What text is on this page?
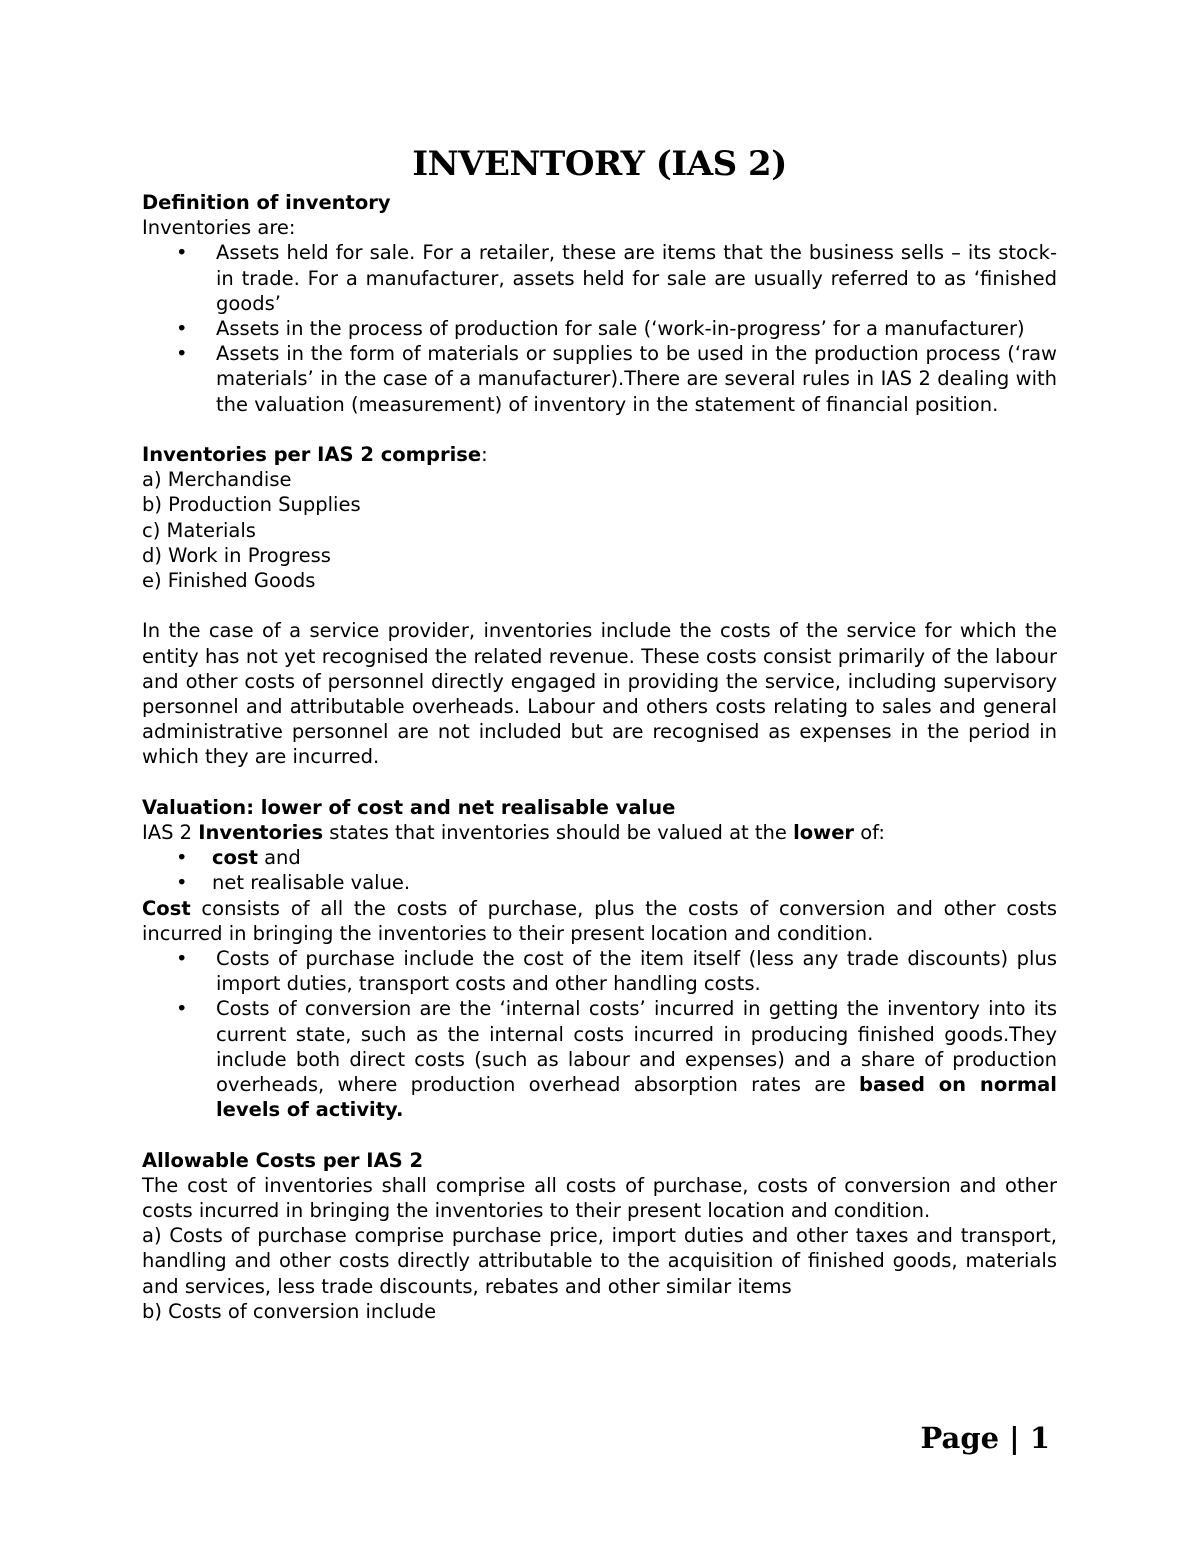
INVENTORY (IAS 2)
Definition of inventory

Inventories are:

• Assets held for sale. For a retailer, these are items that the business sells – its stock-in trade. For a manufacturer, assets held for sale are usually referred to as ‘finished goods’
• Assets in the process of production for sale (‘work-in-progress’ for a manufacturer)
• Assets in the form of materials or supplies to be used in the production process (‘raw materials’ in the case of a manufacturer).There are several rules in IAS 2 dealing with the valuation (measurement) of inventory in the statement of financial position.

Inventories per IAS 2 comprise:

a) Merchandise
b) Production Supplies
c) Materials
d) Work in Progress
e) Finished Goods

In the case of a service provider, inventories include the costs of the service for which the entity has not yet recognised the related revenue. These costs consist primarily of the labour and other costs of personnel directly engaged in providing the service, including supervisory personnel and attributable overheads. Labour and others costs relating to sales and general administrative personnel are not included but are recognised as expenses in the period in which they are incurred.

Valuation: lower of cost and net realisable value

IAS 2 Inventories states that inventories should be valued at the lower of:

• cost and
• net realisable value.

Cost consists of all the costs of purchase, plus the costs of conversion and other costs incurred in bringing the inventories to their present location and condition.

• Costs of purchase include the cost of the item itself (less any trade discounts) plus import duties, transport costs and other handling costs.
• Costs of conversion are the ‘internal costs’ incurred in getting the inventory into its current state, such as the internal costs incurred in producing finished goods.They include both direct costs (such as labour and expenses) and a share of production overheads, where production overhead absorption rates are based on normal levels of activity.
Allowable Costs per IAS 2

The cost of inventories shall comprise all costs of purchase, costs of conversion and other costs incurred in bringing the inventories to their present location and condition.

a) Costs of purchase comprise purchase price, import duties and other taxes and transport, handling and other costs directly attributable to the acquisition of finished goods, materials and services, less trade discounts, rebates and other similar items

b) Costs of conversion include

Page | 1
